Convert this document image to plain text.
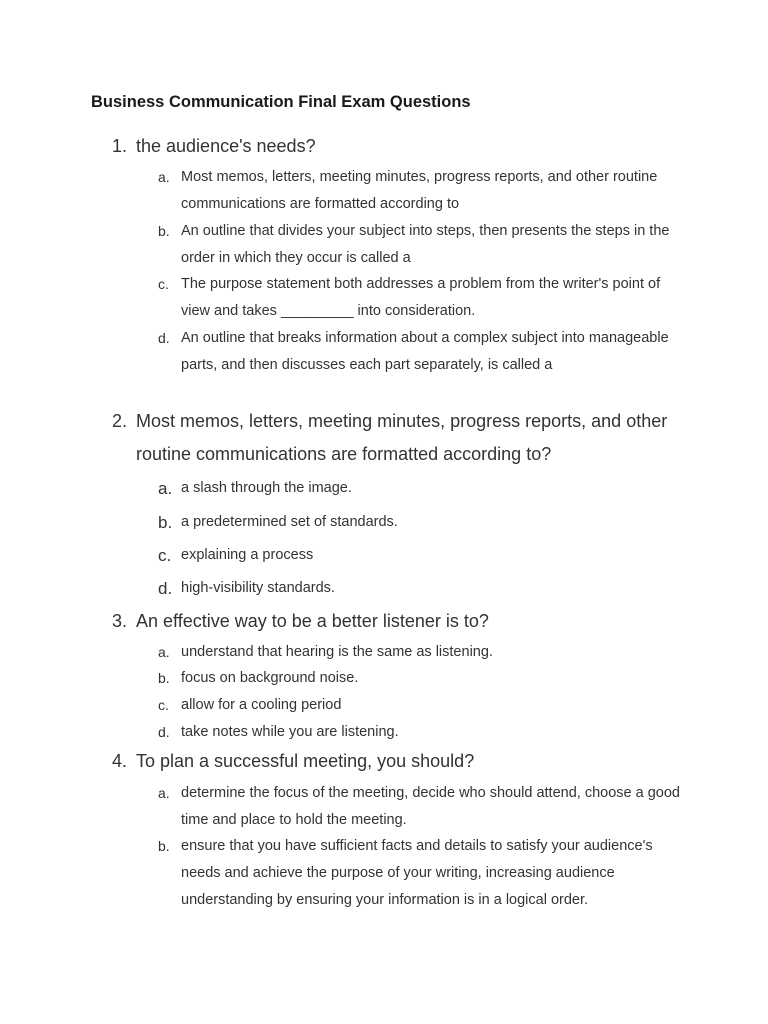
Business Communication Final Exam Questions
1. the audience's needs?
a. Most memos, letters, meeting minutes, progress reports, and other routine communications are formatted according to
b. An outline that divides your subject into steps, then presents the steps in the order in which they occur is called a
c. The purpose statement both addresses a problem from the writer's point of view and takes _________ into consideration.
d. An outline that breaks information about a complex subject into manageable parts, and then discusses each part separately, is called a
2. Most memos, letters, meeting minutes, progress reports, and other routine communications are formatted according to?
a. a slash through the image.
b. a predetermined set of standards.
c. explaining a process
d. high-visibility standards.
3. An effective way to be a better listener is to?
a. understand that hearing is the same as listening.
b. focus on background noise.
c. allow for a cooling period
d. take notes while you are listening.
4. To plan a successful meeting, you should?
a. determine the focus of the meeting, decide who should attend, choose a good time and place to hold the meeting.
b. ensure that you have sufficient facts and details to satisfy your audience's needs and achieve the purpose of your writing, increasing audience understanding by ensuring your information is in a logical order.
